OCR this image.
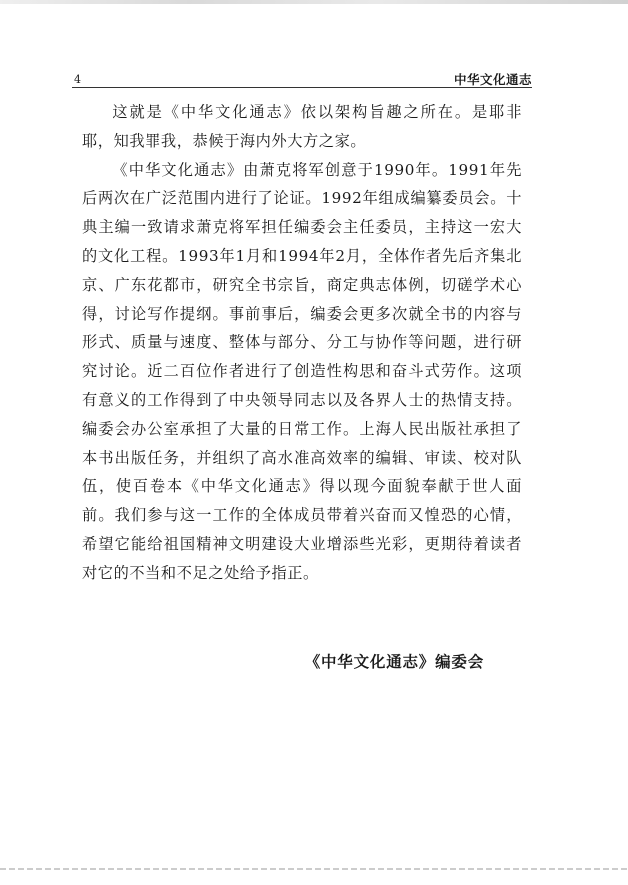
4	中华文化通志

这就是《中华文化通志》依以架构旨趣之所在。是耶非耶，知我罪我，恭候于海内外大方之家。

《中华文化通志》由萧克将军创意于1990年。1991年先后两次在广泛范围内进行了论证。1992年组成编纂委员会。十典主编一致请求萧克将军担任编委会主任委员，主持这一宏大的文化工程。1993年1月和1994年2月，全体作者先后齐集北京、广东花都市，研究全书宗旨，商定典志体例，切磋学术心得，讨论写作提纲。事前事后，编委会更多次就全书的内容与形式、质量与速度、整体与部分、分工与协作等问题，进行研究讨论。近二百位作者进行了创造性构思和奋斗式劳作。这项有意义的工作得到了中央领导同志以及各界人士的热情支持。编委会办公室承担了大量的日常工作。上海人民出版社承担了本书出版任务，并组织了高水准高效率的编辑、审读、校对队伍，使百卷本《中华文化通志》得以现今面貌奉献于世人面前。我们参与这一工作的全体成员带着兴奋而又惶恐的心情，希望它能给祖国精神文明建设大业增添些光彩，更期待着读者对它的不当和不足之处给予指正。

《中华文化通志》编委会
